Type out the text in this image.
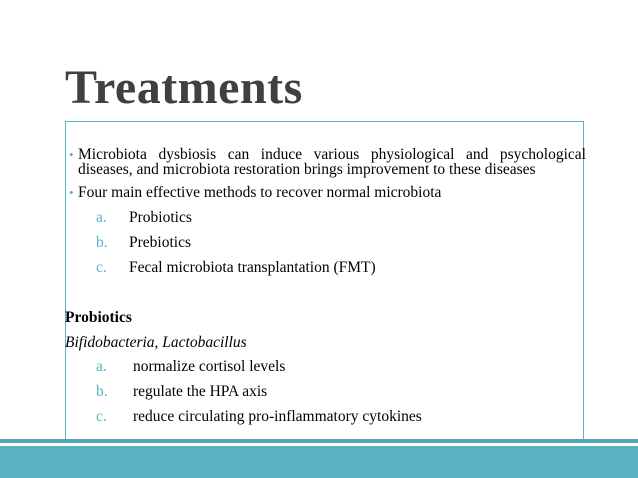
Treatments
• Microbiota dysbiosis can induce various physiological and psychological diseases, and microbiota restoration brings improvement to these diseases
• Four main effective methods to recover normal microbiota
a. Probiotics
b. Prebiotics
c. Fecal microbiota transplantation (FMT)
Probiotics
Bifidobacteria, Lactobacillus
a. normalize cortisol levels
b. regulate the HPA axis
c. reduce circulating pro-inflammatory cytokines
